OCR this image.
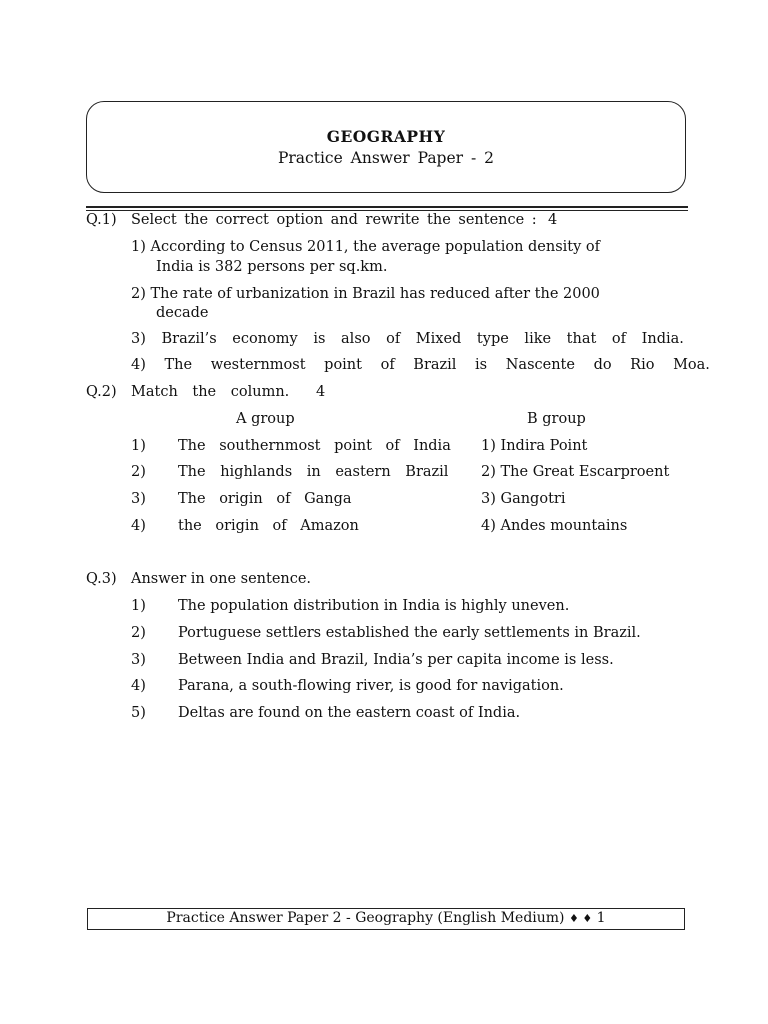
GEOGRAPHY
Practice Answer Paper - 2
Q.1) Select the correct option and rewrite the sentence : 4
1) According to Census 2011, the average population density of
India is 382 persons per sq.km.
2) The rate of urbanization in Brazil has reduced after the 2000
decade
3) Brazil’s economy is also of Mixed type like that of India.
4) The westernmost point of Brazil is Nascente do Rio Moa.
Q.2) Match the column. 4
A group	B group
1) The southernmost point of India 1) Indira Point
2) The highlands in eastern Brazil 2) The Great Escarproent
3) The origin of Ganga	3) Gangotri
4) the origin of Amazon	4) Andes mountains
Q.3) Answer in one sentence.
1) The population distribution in India is highly uneven.
2) Portuguese settlers established the early settlements in Brazil.
3) Between India and Brazil, India’s per capita income is less.
4) Parana, a south-flowing river, is good for navigation.
5) Deltas are found on the eastern coast of India.
Practice Answer Paper 2 - Geography (English Medium) ♦ ♦ 1
